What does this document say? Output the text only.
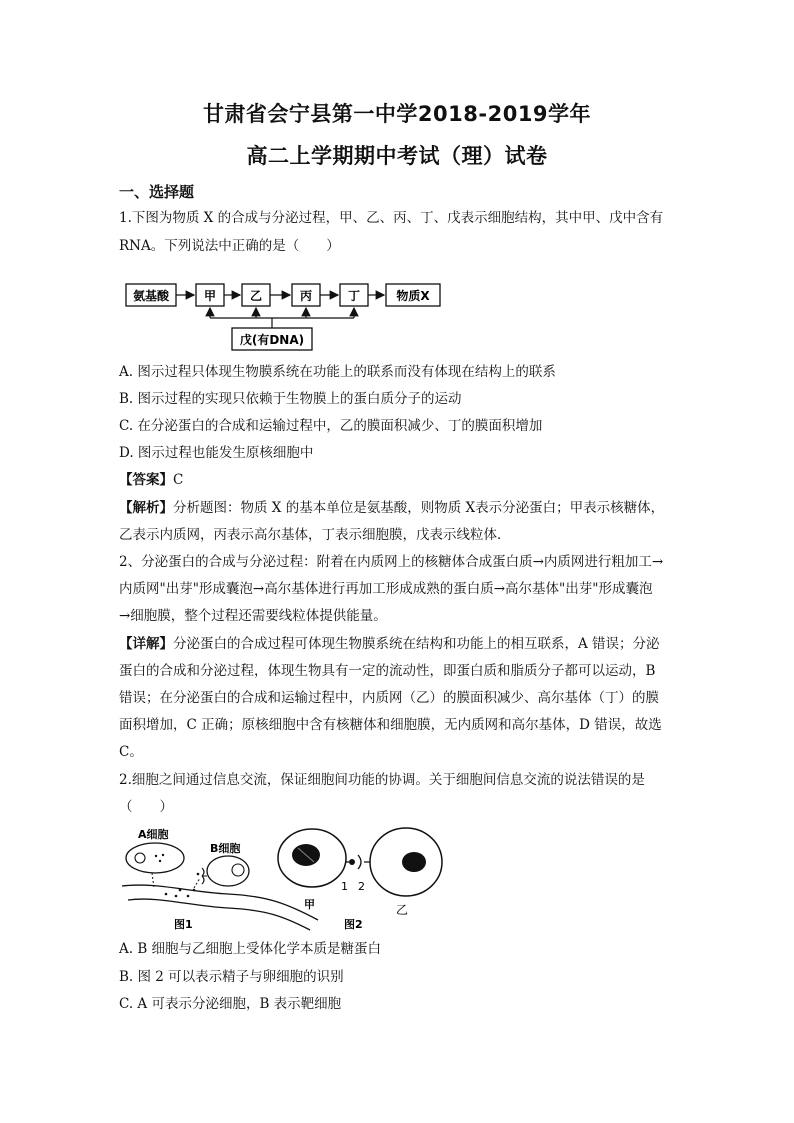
甘肃省会宁县第一中学2018-2019学年
高二上学期期中考试（理）试卷
一、选择题
1.下图为物质 X 的合成与分泌过程，甲、乙、丙、丁、戊表示细胞结构，其中甲、戊中含有
RNA。下列说法中正确的是（　　）
氨基酸	甲	乙	丙	丁	物质X
戊(有DNA)
A. 图示过程只体现生物膜系统在功能上的联系而没有体现在结构上的联系
B. 图示过程的实现只依赖于生物膜上的蛋白质分子的运动
C. 在分泌蛋白的合成和运输过程中，乙的膜面积减少、丁的膜面积增加
D. 图示过程也能发生原核细胞中
【答案】C
【解析】分析题图：物质 X 的基本单位是氨基酸，则物质 X表示分泌蛋白；甲表示核糖体，
乙表示内质网，丙表示高尔基体，丁表示细胞膜，戊表示线粒体．
2、分泌蛋白的合成与分泌过程：附着在内质网上的核糖体合成蛋白质→内质网进行粗加工→
内质网"出芽"形成囊泡→高尔基体进行再加工形成成熟的蛋白质→高尔基体"出芽"形成囊泡
→细胞膜，整个过程还需要线粒体提供能量。
【详解】分泌蛋白的合成过程可体现生物膜系统在结构和功能上的相互联系，A 错误；分泌
蛋白的合成和分泌过程，体现生物具有一定的流动性，即蛋白质和脂质分子都可以运动，B
错误；在分泌蛋白的合成和运输过程中，内质网（乙）的膜面积减少、高尔基体（丁）的膜
面积增加，C 正确；原核细胞中含有核糖体和细胞膜，无内质网和高尔基体，D 错误，故选
C。
2.细胞之间通过信息交流，保证细胞间功能的协调。关于细胞间信息交流的说法错误的是
（　　）
A细胞
B细胞
图1
甲
1 2
乙
图2
A. B 细胞与乙细胞上受体化学本质是糖蛋白
B. 图 2 可以表示精子与卵细胞的识别
C. A 可表示分泌细胞，B 表示靶细胞
